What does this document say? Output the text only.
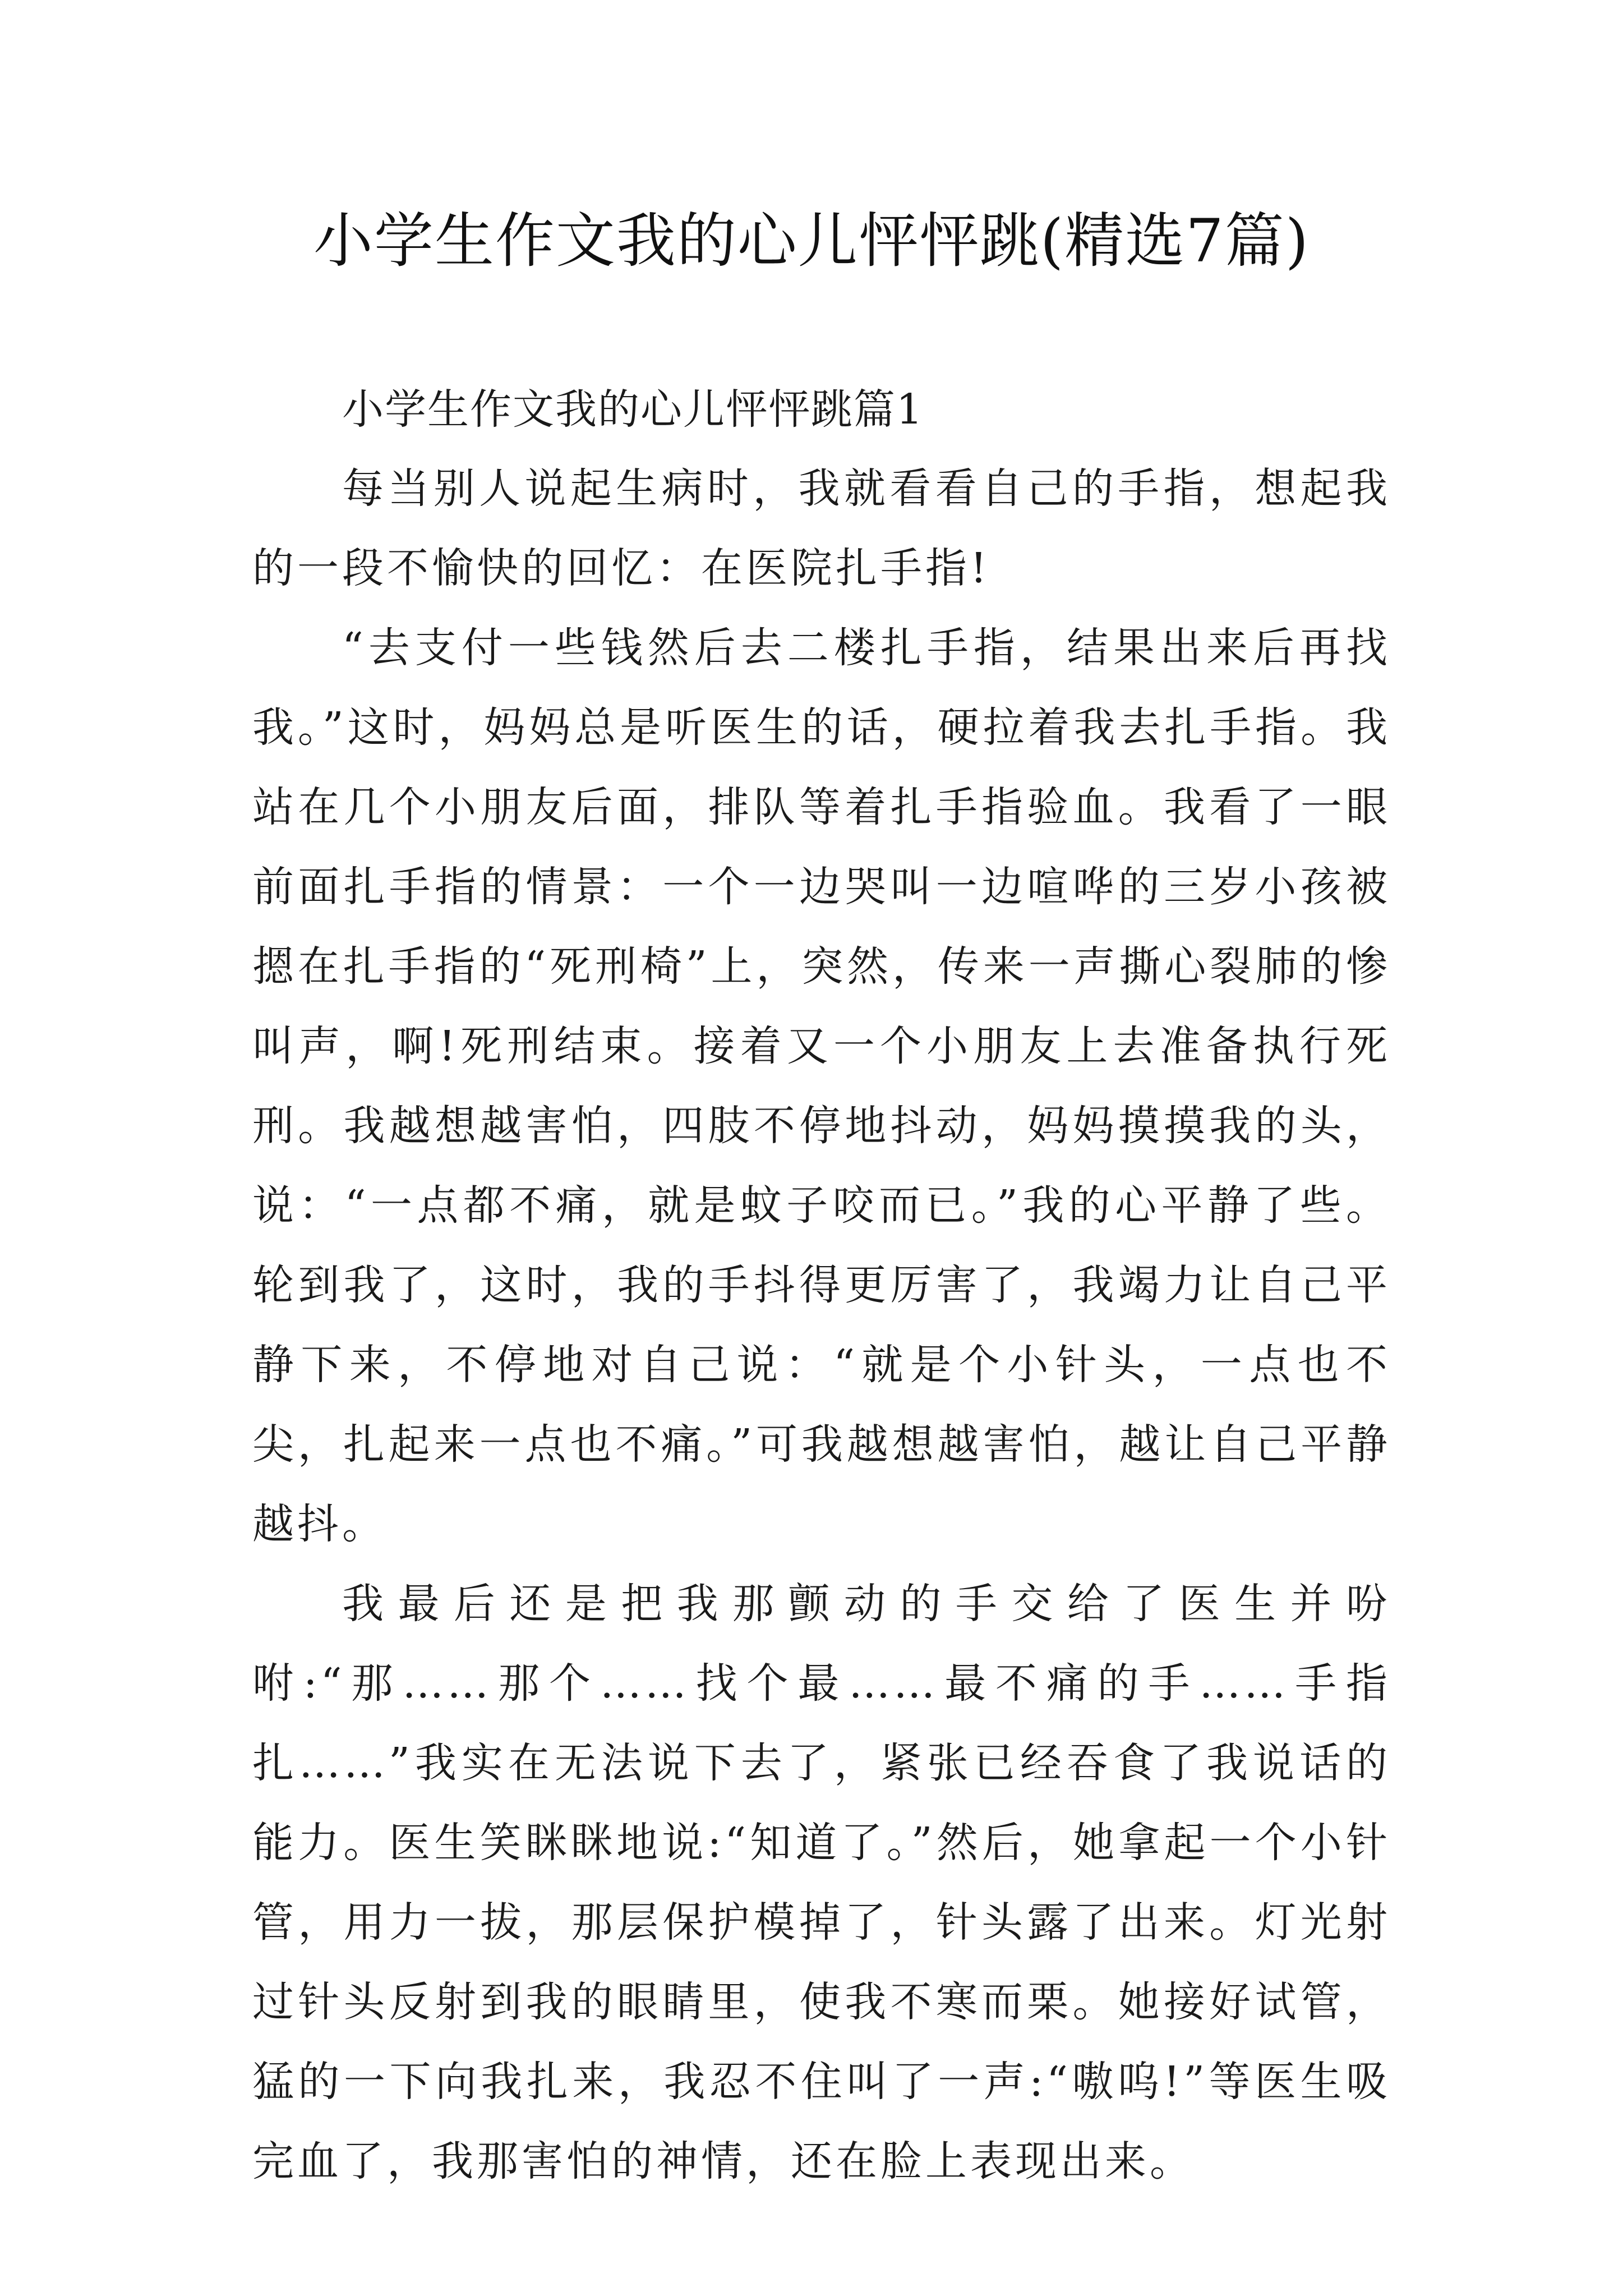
小学生作文我的心儿怦怦跳(精选7篇)
小学生作文我的心儿怦怦跳篇1

每当别人说起生病时，我就看看自己的手指，想起我的一段不愉快的回忆：在医院扎手指!

“去支付一些钱然后去二楼扎手指，结果出来后再找我。”这时，妈妈总是听医生的话，硬拉着我去扎手指。我站在几个小朋友后面，排队等着扎手指验血。我看了一眼前面扎手指的情景：一个一边哭叫一边喧哗的三岁小孩被摁在扎手指的“死刑椅”上，突然，传来一声撕心裂肺的惨叫声，啊!死刑结束。接着又一个小朋友上去准备执行死刑。我越想越害怕，四肢不停地抖动，妈妈摸摸我的头，说：“一点都不痛，就是蚊子咬而已。”我的心平静了些。轮到我了，这时，我的手抖得更厉害了，我竭力让自己平静下来，不停地对自己说：“就是个小针头，一点也不尖，扎起来一点也不痛。”可我越想越害怕，越让自己平静越抖。

我最后还是把我那颤动的手交给了医生并吩咐:“那……那个……找个最……最不痛的手……手指扎……”我实在无法说下去了，紧张已经吞食了我说话的能力。医生笑眯眯地说:“知道了。”然后，她拿起一个小针管，用力一拔，那层保护模掉了，针头露了出来。灯光射过针头反射到我的眼睛里，使我不寒而栗。她接好试管，猛的一下向我扎来，我忍不住叫了一声:“嗷呜!”等医生吸完血了，我那害怕的神情，还在脸上表现出来。
